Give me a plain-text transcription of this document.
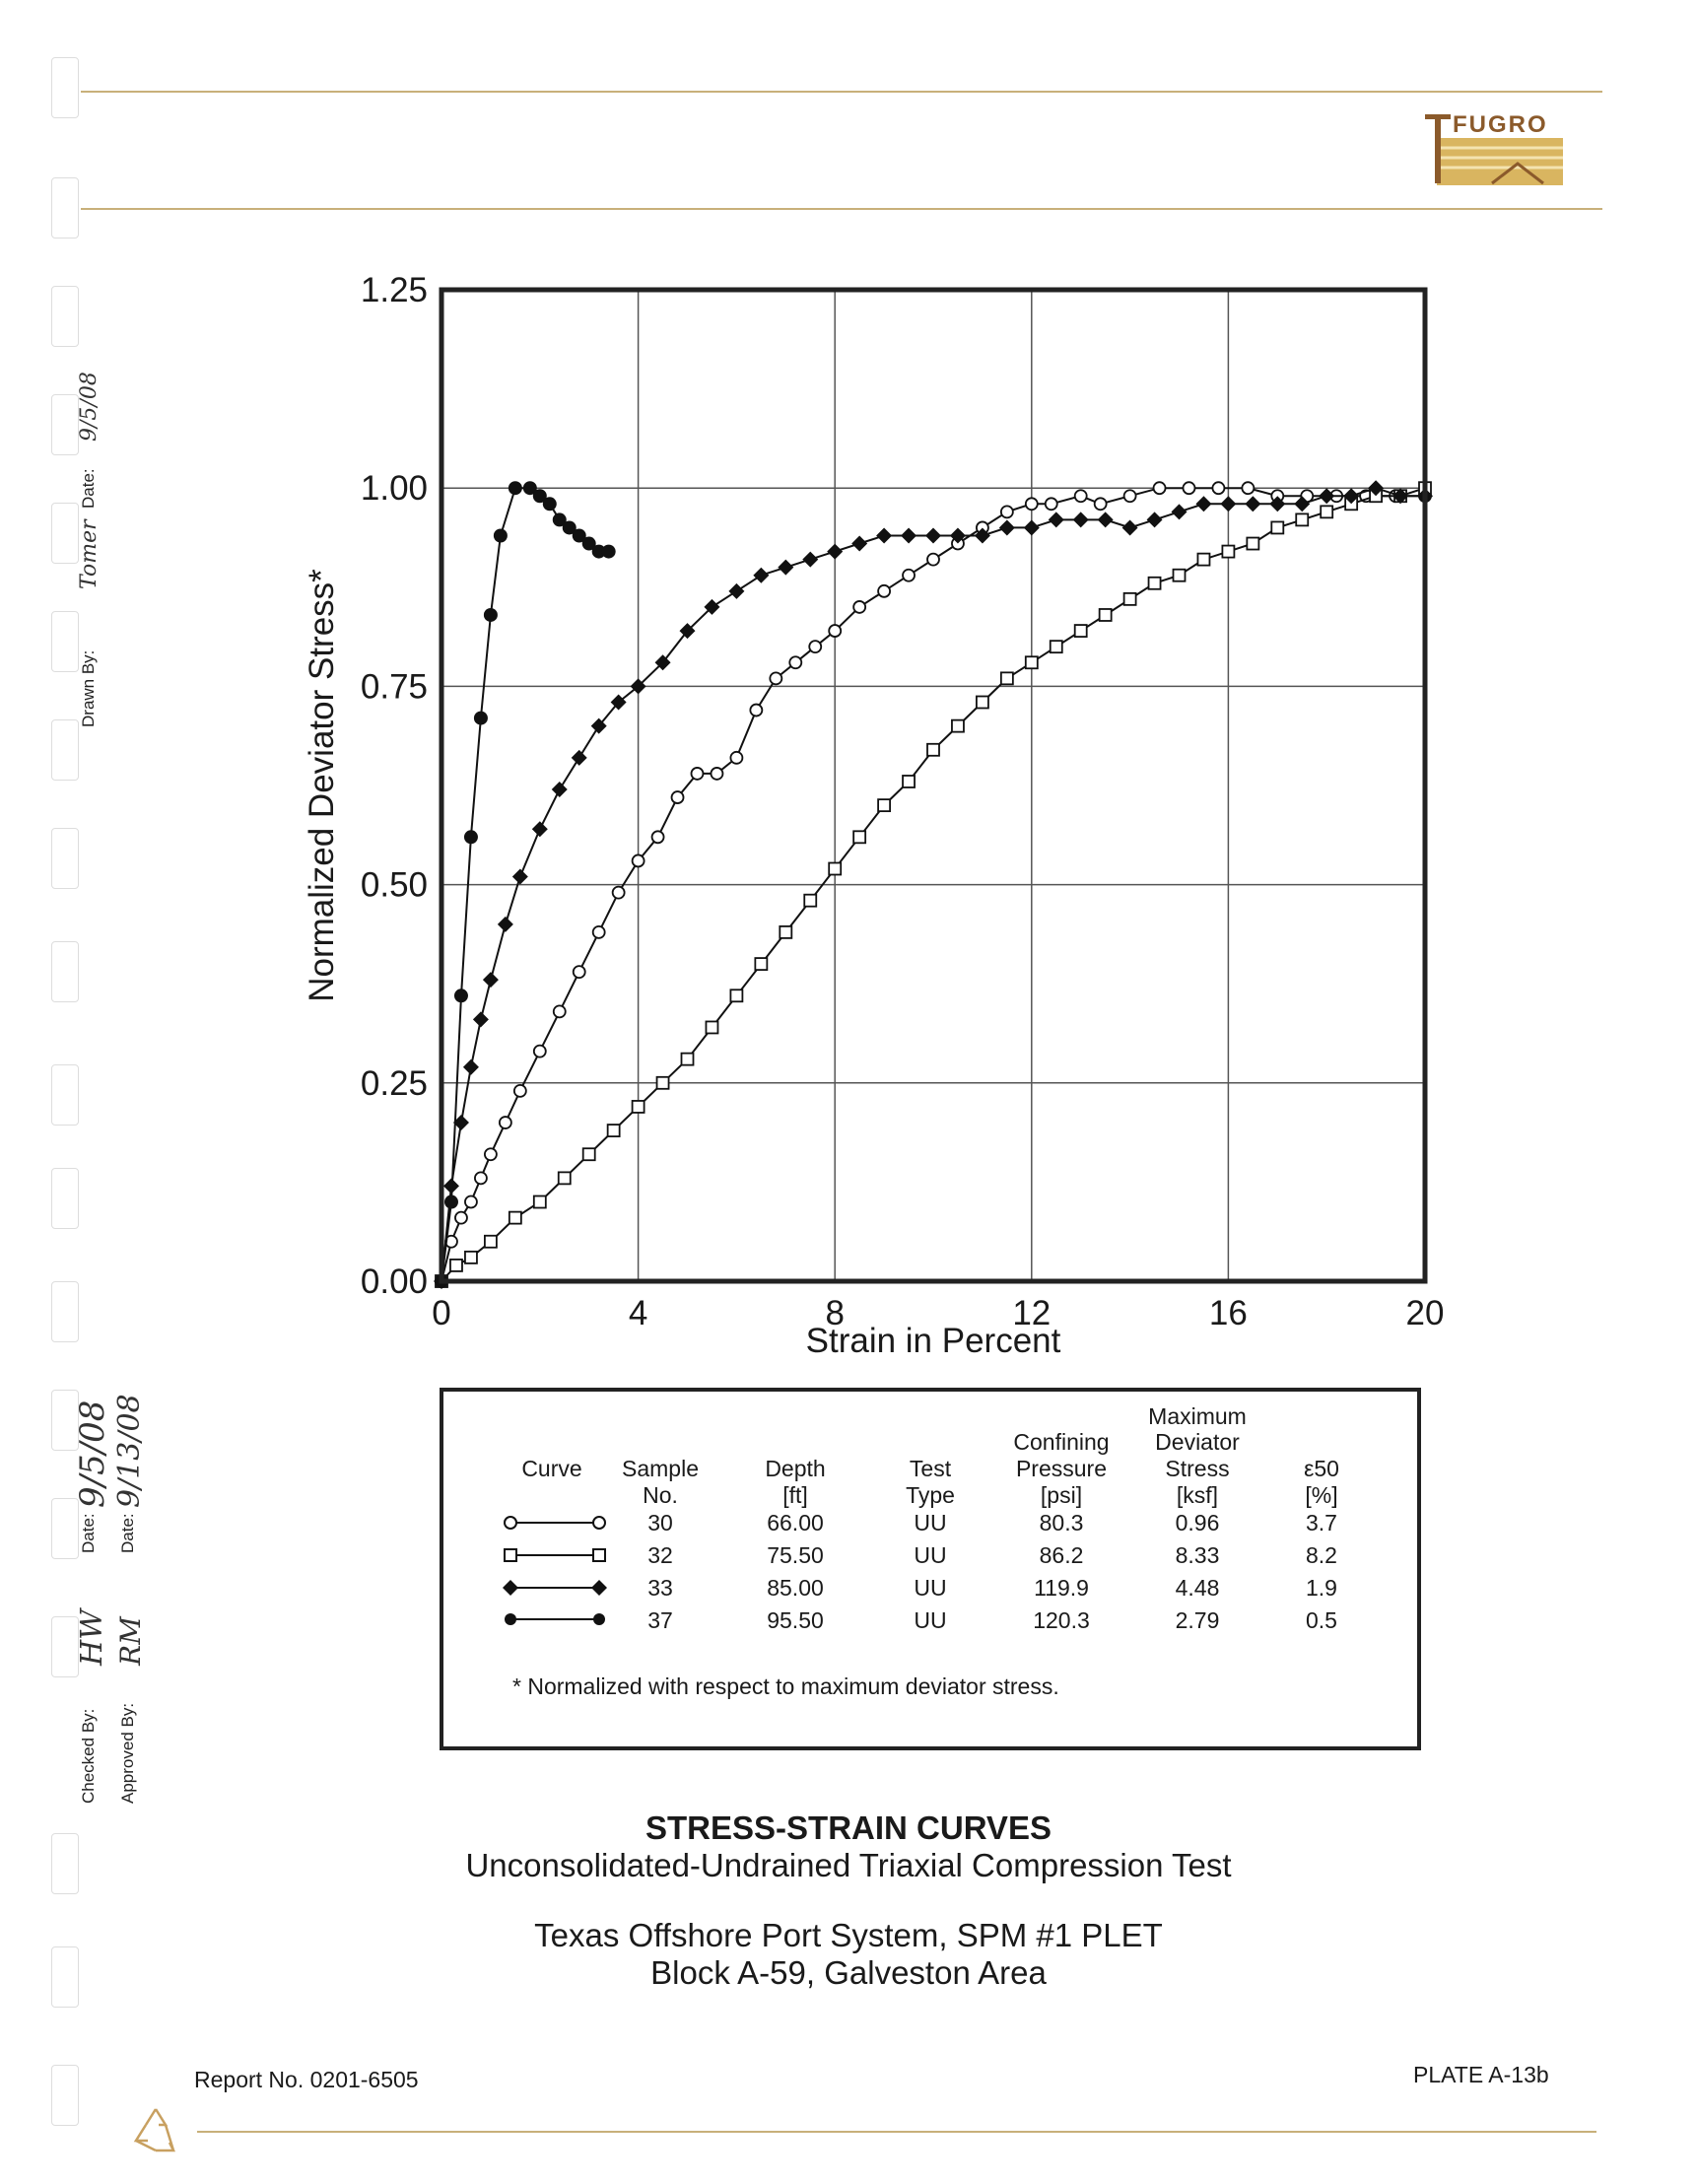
FUGRO
Drawn By:
Tomer
Date:
9/5/08
Checked By:
HW
Date:
9/5/08
Approved By:
RM
Date:
9/13/08
0	4	8	12	16	20
0.00
0.25
0.50
0.75
1.00
1.25
Strain in Percent
Normalized Deviator Stress*
Curve	Sample
No.
Depth
[ft]
Test
Type
Confining
Pressure
[psi]
Maximum
Deviator
Stress
[ksf]
ε50
[%]
30	66.00	UU	80.3	0.96	3.7
32	75.50	UU	86.2	8.33	8.2
33	85.00	UU	119.9	4.48	1.9
37	95.50	UU	120.3	2.79	0.5
* Normalized with respect to maximum deviator stress.
STRESS-STRAIN CURVES
Unconsolidated-Undrained Triaxial Compression Test
Texas Offshore Port System, SPM #1 PLET
Block A-59, Galveston Area
Report No. 0201-6505	PLATE A-13b
